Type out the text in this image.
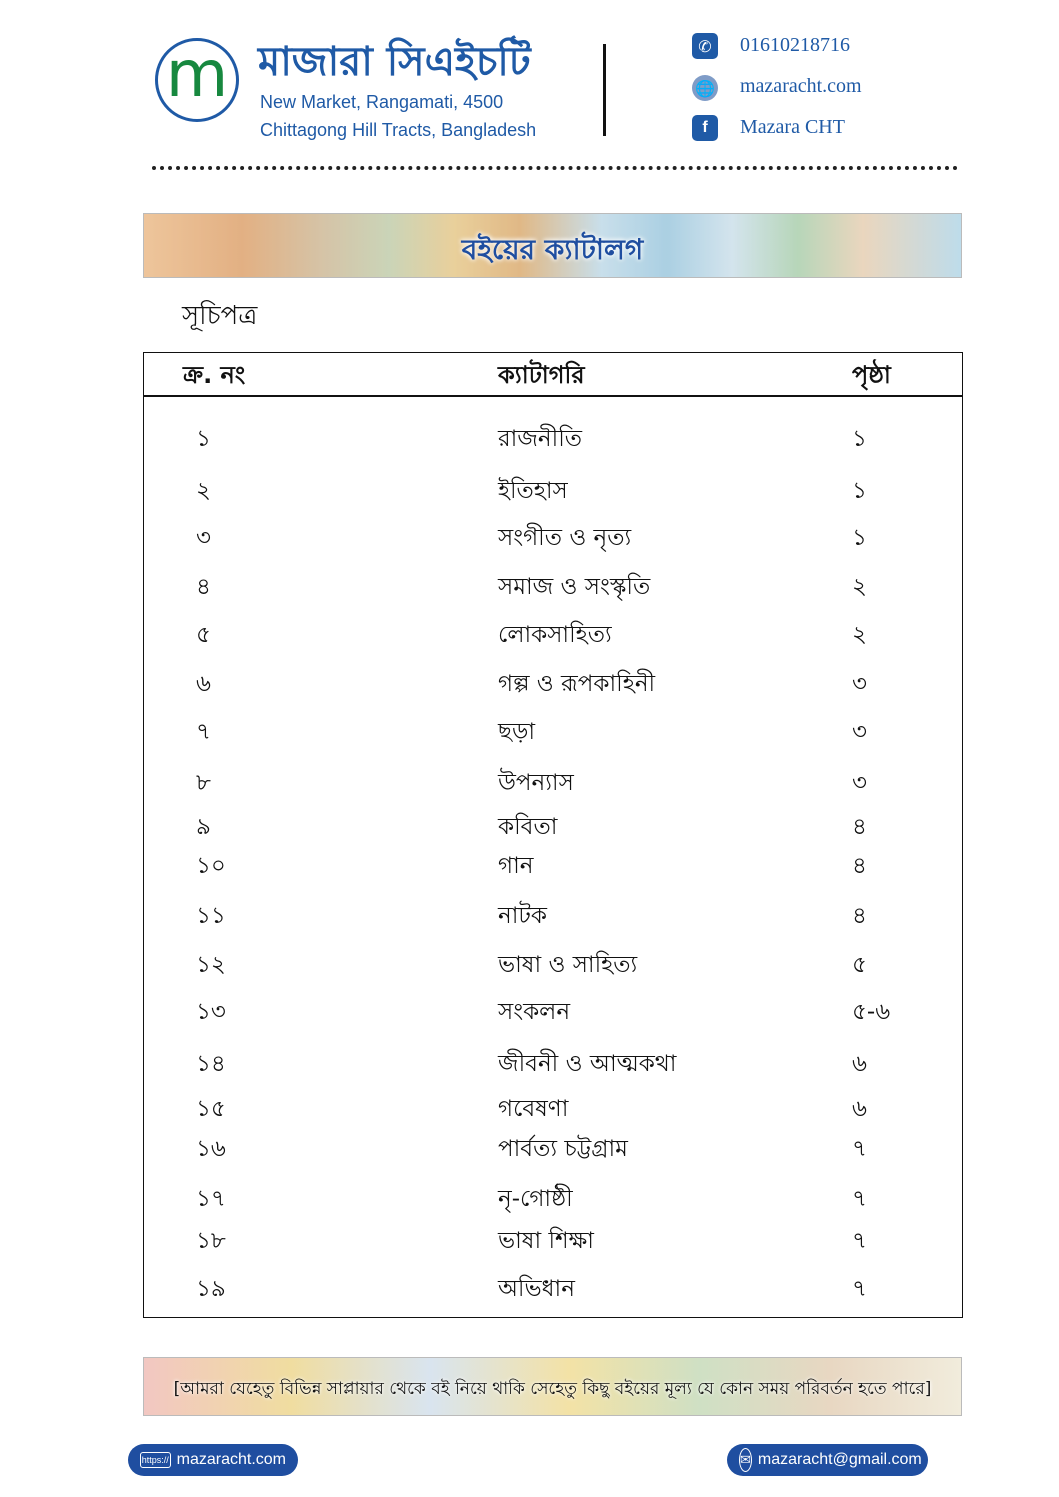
m মাজারা সিএইচটি
New Market, Rangamati, 4500
Chittagong Hill Tracts, Bangladesh
✆	01610218716
🌐 mazaracht.com
f	Mazara CHT
বইয়ের ক্যাটালগ
সূচিপত্র
ক্র. নং	ক্যাটাগরি	পৃষ্ঠা
১	রাজনীতি	১
২	ইতিহাস	১
৩	সংগীত ও নৃত্য	১
৪	সমাজ ও সংস্কৃতি	২
৫	লোকসাহিত্য	২
৬	গল্প ও রূপকাহিনী	৩
৭	ছড়া	৩
৮	উপন্যাস	৩
৯	কবিতা	৪
১০	গান	৪
১১	নাটক	৪
১২	ভাষা ও সাহিত্য	৫
১৩	সংকলন	৫-৬
১৪	জীবনী ও আত্মকথা	৬
১৫	গবেষণা	৬
১৬	পার্বত্য চট্টগ্রাম	৭
১৭	নৃ-গোষ্ঠী	৭
১৮	ভাষা শিক্ষা	৭
১৯	অভিধান	৭
[আমরা যেহেতু বিভিন্ন সাপ্লায়ার থেকে বই নিয়ে থাকি সেহেতু কিছু বইয়ের মূল্য যে কোন সময় পরিবর্তন হতে পারে]
https:// mazaracht.com	✉ mazaracht@gmail.com
